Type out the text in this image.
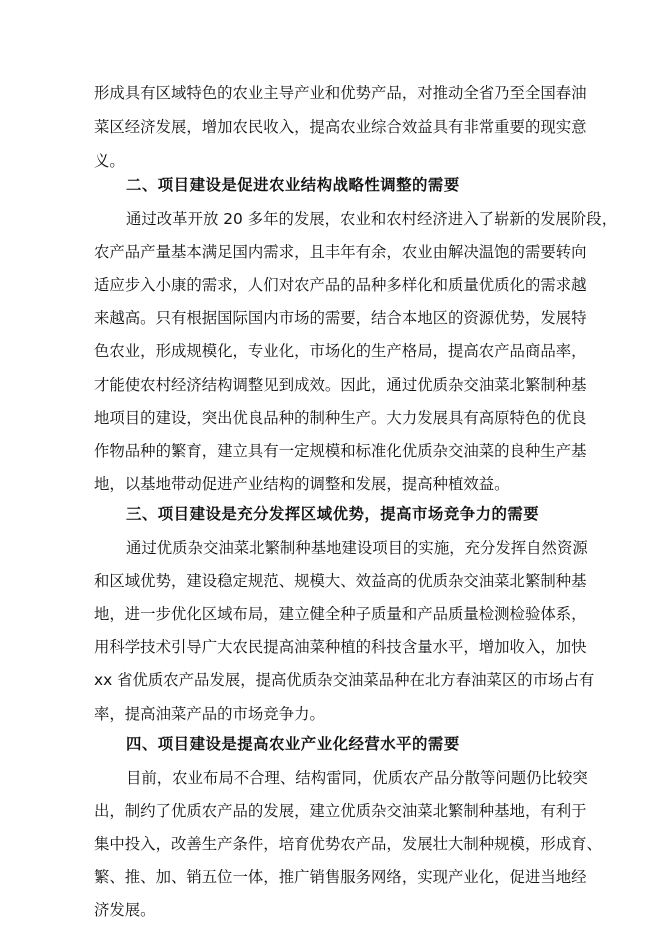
形成具有区域特色的农业主导产业和优势产品，对推动全省乃至全国春油
菜区经济发展，增加农民收入，提高农业综合效益具有非常重要的现实意
义。
二、项目建设是促进农业结构战略性调整的需要
通过改革开放 20 多年的发展，农业和农村经济进入了崭新的发展阶段，
农产品产量基本满足国内需求，且丰年有余，农业由解决温饱的需要转向
适应步入小康的需求，人们对农产品的品种多样化和质量优质化的需求越
来越高。只有根据国际国内市场的需要，结合本地区的资源优势，发展特
色农业，形成规模化，专业化，市场化的生产格局，提高农产品商品率，
才能使农村经济结构调整见到成效。因此，通过优质杂交油菜北繁制种基
地项目的建设，突出优良品种的制种生产。大力发展具有高原特色的优良
作物品种的繁育，建立具有一定规模和标准化优质杂交油菜的良种生产基
地，以基地带动促进产业结构的调整和发展，提高种植效益。
三、项目建设是充分发挥区域优势，提高市场竞争力的需要
通过优质杂交油菜北繁制种基地建设项目的实施，充分发挥自然资源
和区域优势，建设稳定规范、规模大、效益高的优质杂交油菜北繁制种基
地，进一步优化区域布局，建立健全种子质量和产品质量检测检验体系，
用科学技术引导广大农民提高油菜种植的科技含量水平，增加收入，加快
xx 省优质农产品发展，提高优质杂交油菜品种在北方春油菜区的市场占有
率，提高油菜产品的市场竞争力。
四、项目建设是提高农业产业化经营水平的需要
目前，农业布局不合理、结构雷同，优质农产品分散等问题仍比较突
出，制约了优质农产品的发展，建立优质杂交油菜北繁制种基地，有利于
集中投入，改善生产条件，培育优势农产品，发展壮大制种规模，形成育、
繁、推、加、销五位一体，推广销售服务网络，实现产业化，促进当地经
济发展。
